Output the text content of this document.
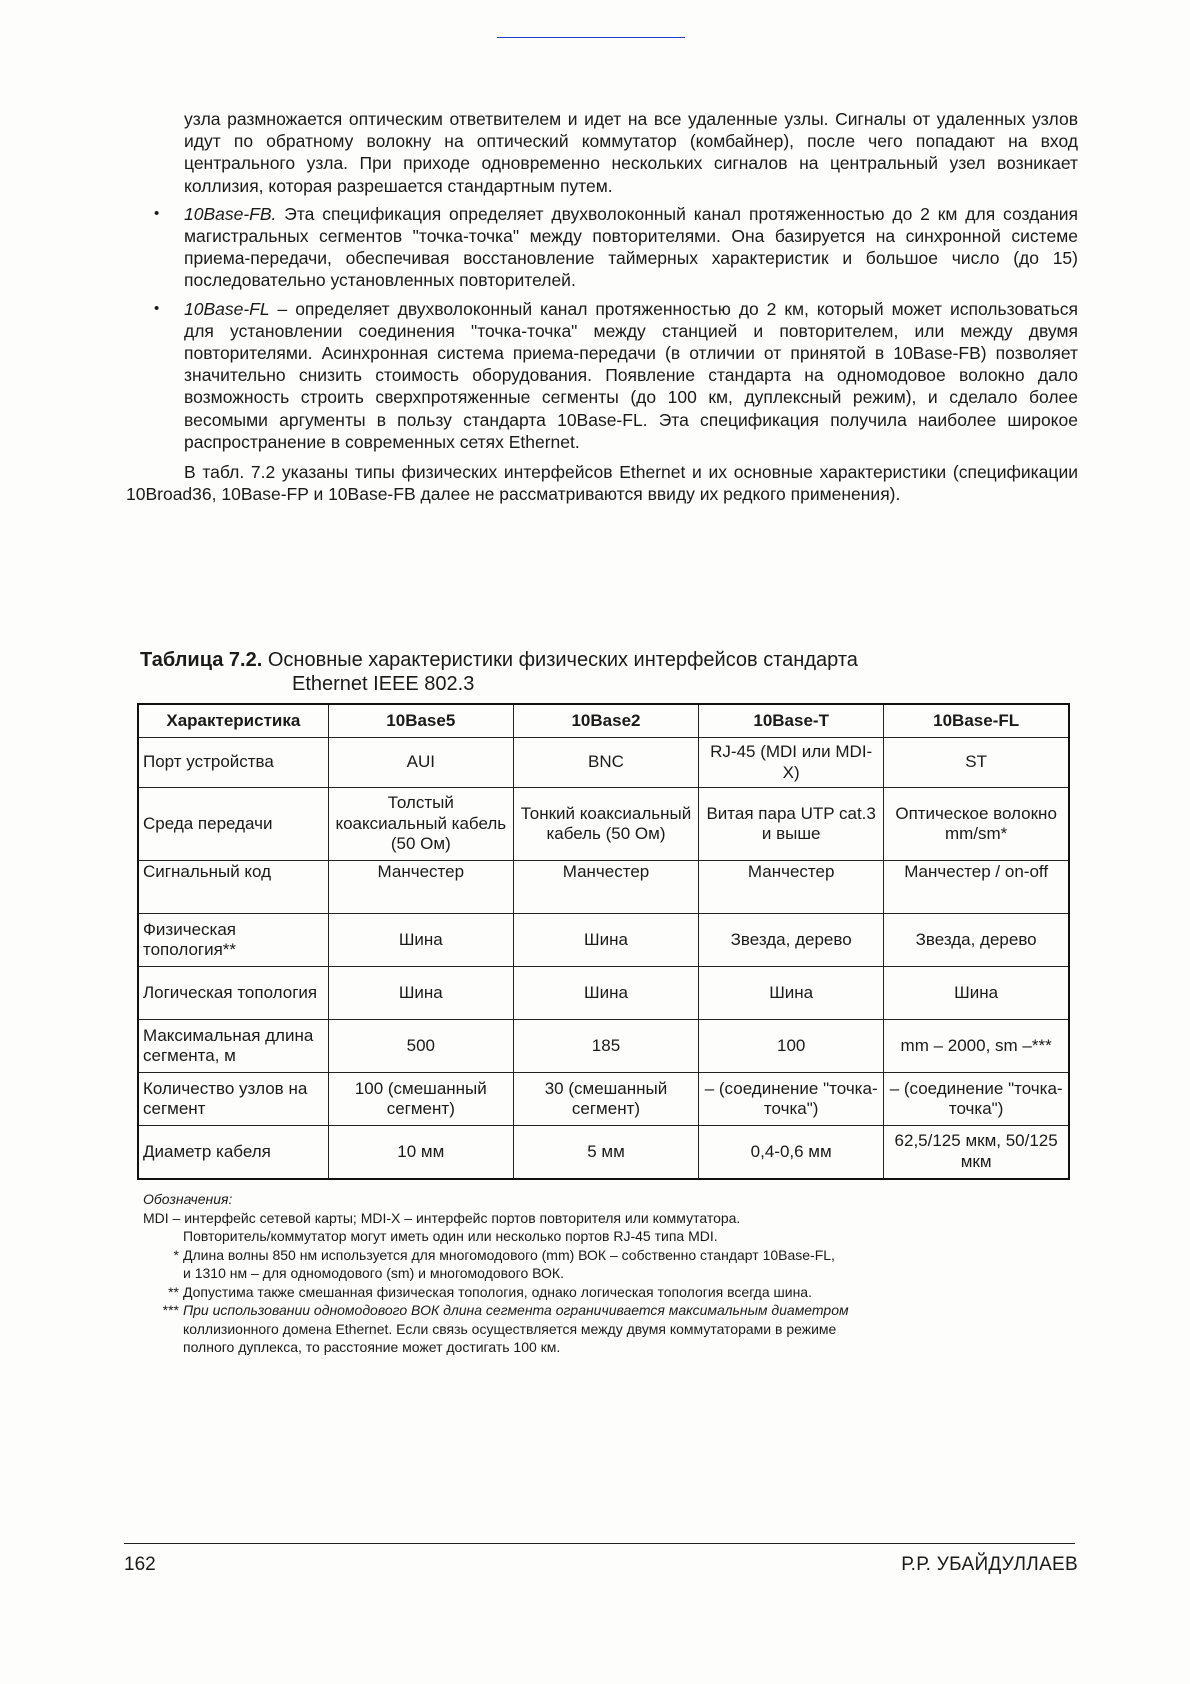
узла размножается оптическим ответвителем и идет на все удаленные узлы. Сигналы от удаленных узлов идут по обратному волокну на оптический коммутатор (комбайнер), после чего попадают на вход центрального узла. При приходе одновременно нескольких сигналов на центральный узел возникает коллизия, которая разрешается стандартным путем.

• 10Base-FB. Эта спецификация определяет двухволоконный канал протяженностью до 2 км для создания магистральных сегментов "точка-точка" между повторителями. Она базируется на синхронной системе приема-передачи, обеспечивая восстановление таймерных характеристик и большое число (до 15) последовательно установленных повторителей.

• 10Base-FL – определяет двухволоконный канал протяженностью до 2 км, который может использоваться для установлении соединения "точка-точка" между станцией и повторителем, или между двумя повторителями. Асинхронная система приема-передачи (в отличии от принятой в 10Base-FB) позволяет значительно снизить стоимость оборудования. Появление стандарта на одномодовое волокно дало возможность строить сверхпротяженные сегменты (до 100 км, дуплексный режим), и сделало более весомыми аргументы в пользу стандарта 10Base-FL. Эта спецификация получила наиболее широкое распространение в современных сетях Ethernet.

В табл. 7.2 указаны типы физических интерфейсов Ethernet и их основные характеристики (спецификации 10Broad36, 10Base-FP и 10Base-FB далее не рассматриваются ввиду их редкого применения).

Таблица 7.2. Основные характеристики физических интерфейсов стандарта
Ethernet IEEE 802.3
Характеристика	10Base5	10Base2	10Base-T	10Base-FL
Порт устройства	AUI	BNC	RJ-45 (MDI или MDI-X)	ST
Среда передачи	Толстый коаксиальный кабель (50 Ом)	Тонкий коаксиальный кабель (50 Ом)	Витая пара UTP cat.3 и выше	Оптическое волокно mm/sm*
Сигнальный код	Манчестер	Манчестер	Манчестер	Манчестер / on-off
Физическая топология**	Шина	Шина	Звезда, дерево	Звезда, дерево
Логическая топология	Шина	Шина	Шина	Шина
Максимальная длина сегмента, м	500	185	100	mm – 2000, sm –***
Количество узлов на сегмент	100 (смешанный сегмент)	30 (смешанный сегмент)	– (соединение "точка-точка")	– (соединение "точка-точка")
Диаметр кабеля	10 мм	5 мм	0,4-0,6 мм	62,5/125 мкм, 50/125 мкм
Обозначения:
MDI – интерфейс сетевой карты; MDI-X – интерфейс портов повторителя или коммутатора.
Повторитель/коммутатор могут иметь один или несколько портов RJ-45 типа MDI.
* Длина волны 850 нм используется для многомодового (mm) ВОК – собственно стандарт 10Base-FL,
и 1310 нм – для одномодового (sm) и многомодового ВОК.
** Допустима также смешанная физическая топология, однако логическая топология всегда шина.
*** При использовании одномодового ВОК длина сегмента ограничивается максимальным диаметром
коллизионного домена Ethernet. Если связь осуществляется между двумя коммутаторами в режиме
полного дуплекса, то расстояние может достигать 100 км.
162	Р.Р. УБАЙДУЛЛАЕВ
